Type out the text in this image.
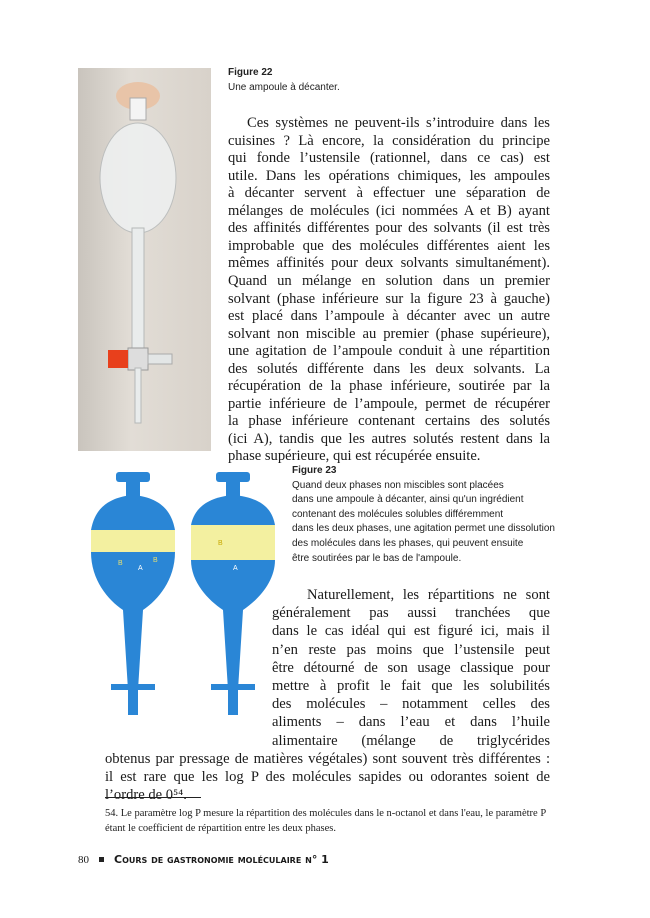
Figure 22
Une ampoule à décanter.
Ces systèmes ne peuvent-ils s’introduire dans les
cuisines ? Là encore, la considération du principe
qui fonde l’ustensile (rationnel, dans ce cas) est
utile. Dans les opérations chimiques, les ampoules
à décanter servent à effectuer une séparation de
mélanges de molécules (ici nommées A et B) ayant
des affinités différentes pour des solvants (il est très
improbable que des molécules différentes aient les
mêmes affinités pour deux solvants simultanément).
Quand un mélange en solution dans un premier
solvant (phase inférieure sur la figure 23 à gauche)
est placé dans l’ampoule à décanter avec un autre
solvant non miscible au premier (phase supérieure),
une agitation de l’ampoule conduit à une répartition
des solutés différente dans les deux solvants. La
récupération de la phase inférieure, soutirée par la
partie inférieure de l’ampoule, permet de récupérer
la phase inférieure contenant certains des solutés
(ici A), tandis que les autres solutés restent dans la
phase supérieure, qui est récupérée ensuite.
B
A
B
B
A
Figure 23
Quand deux phases non miscibles sont placées
dans une ampoule à décanter, ainsi qu'un ingrédient
contenant des molécules solubles différemment
dans les deux phases, une agitation permet une dissolution
des molécules dans les phases, qui peuvent ensuite
être soutirées par le bas de l'ampoule.
Naturellement, les répartitions ne sont
généralement pas aussi tranchées que
dans le cas idéal qui est figuré ici, mais il
n’en reste pas moins que l’ustensile peut
être détourné de son usage classique pour
mettre à profit le fait que les solubilités
des molécules – notamment celles des
aliments – dans l’eau et dans l’huile
alimentaire (mélange de triglycérides
obtenus par pressage de matières végétales) sont souvent très différentes :
il est rare que les log P des molécules sapides ou odorantes soient de
l’ordre de 0⁵⁴.
54. Le paramètre log P mesure la répartition des molécules dans le n-octanol et dans l'eau, le paramètre P étant le coefficient de répartition entre les deux phases.
80 Cours de gastronomie moléculaire n° 1
